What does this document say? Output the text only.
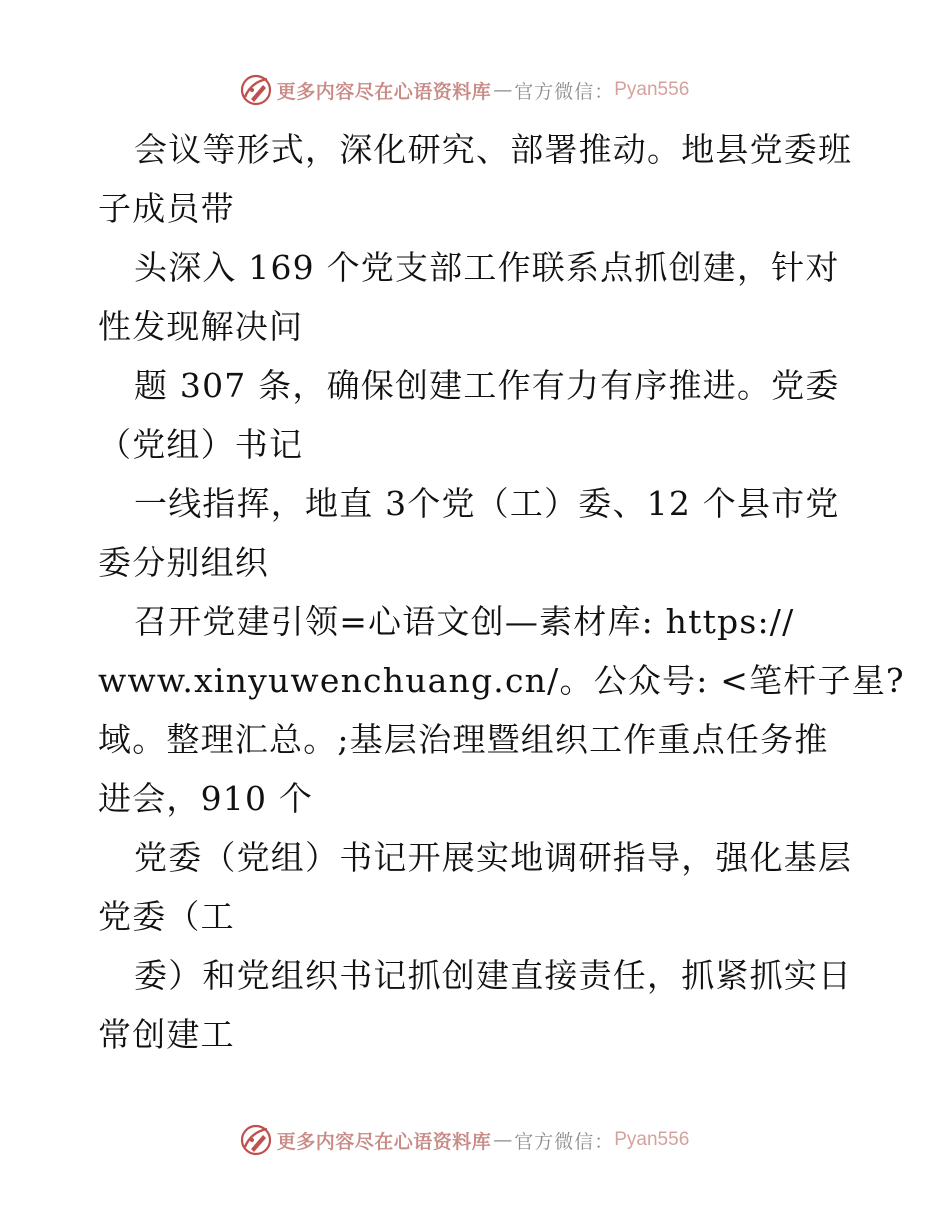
更多内容尽在心语资料库 — 官方微信： Pyan556
会议等形式，深化研究、部署推动。地县党委班
子成员带
头深入 169 个党支部工作联系点抓创建，针对
性发现解决问
题 307 条，确保创建工作有力有序推进。党委
（党组）书记
一线指挥，地直 3个党（工）委、12 个县市党
委分别组织
召开党建引领=心语文创—素材库: https://
www.xinyuwenchuang.cn/。公众号: <笔杆子星?
域。整理汇总。;基层治理暨组织工作重点任务推
进会，910 个
党委（党组）书记开展实地调研指导，强化基层
党委（工
委）和党组织书记抓创建直接责任，抓紧抓实日
常创建工
更多内容尽在心语资料库 — 官方微信： Pyan556
